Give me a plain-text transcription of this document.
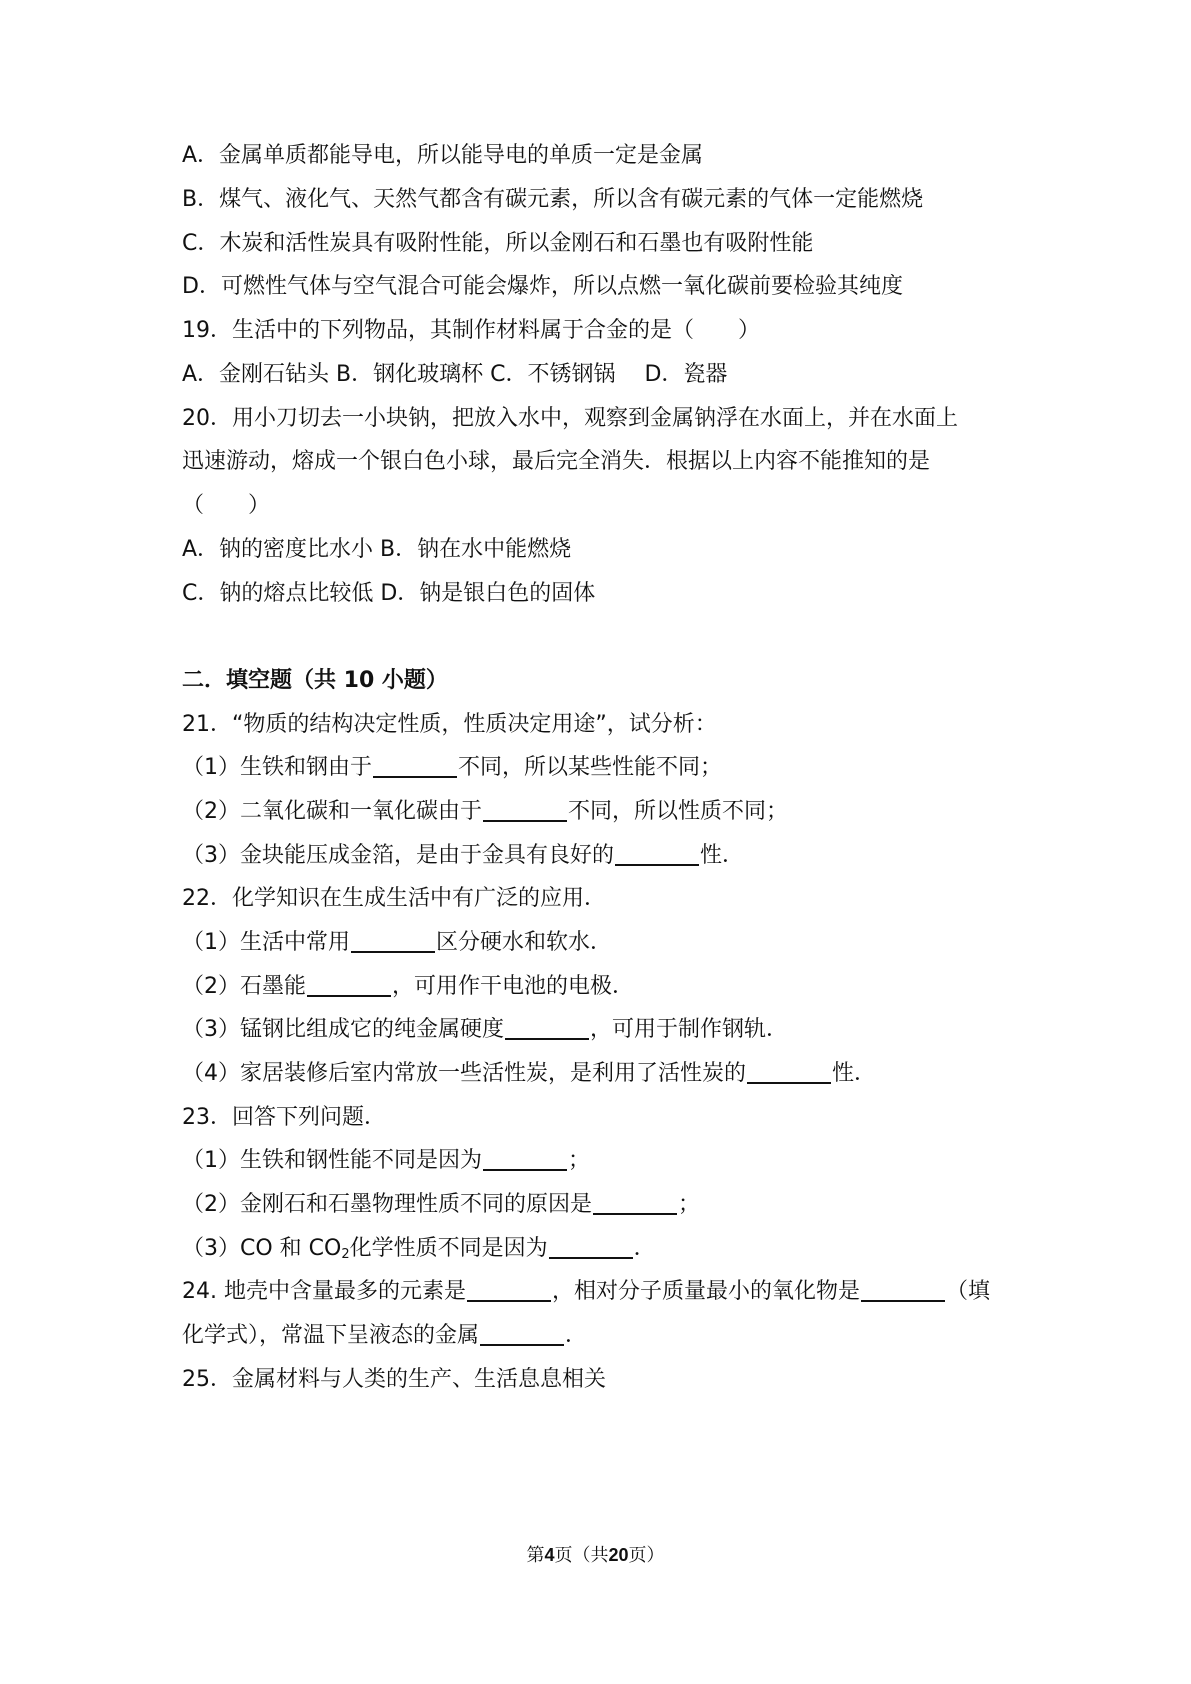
A．金属单质都能导电，所以能导电的单质一定是金属
B．煤气、液化气、天然气都含有碳元素，所以含有碳元素的气体一定能燃烧
C．木炭和活性炭具有吸附性能，所以金刚石和石墨也有吸附性能
D．可燃性气体与空气混合可能会爆炸，所以点燃一氧化碳前要检验其纯度
19．生活中的下列物品，其制作材料属于合金的是（　　）
A．金刚石钻头 B．钢化玻璃杯 C．不锈钢锅　 D．瓷器
20．用小刀切去一小块钠，把放入水中，观察到金属钠浮在水面上，并在水面上
迅速游动，熔成一个银白色小球，最后完全消失．根据以上内容不能推知的是
（　　）
A．钠的密度比水小 B．钠在水中能燃烧
C．钠的熔点比较低 D．钠是银白色的固体
二．填空题（共 10 小题）
21．“物质的结构决定性质，性质决定用途”，试分析：
（1）生铁和钢由于	不同，所以某些性能不同；
（2）二氧化碳和一氧化碳由于	不同，所以性质不同；
（3）金块能压成金箔，是由于金具有良好的	性．
22．化学知识在生成生活中有广泛的应用．
（1）生活中常用	区分硬水和软水．
（2）石墨能	，可用作干电池的电极．
（3）锰钢比组成它的纯金属硬度	，可用于制作钢轨．
（4）家居装修后室内常放一些活性炭，是利用了活性炭的	性．
23．回答下列问题．
（1）生铁和钢性能不同是因为	；
（2）金刚石和石墨物理性质不同的原因是	；
（3）CO 和 $CO_2$化学性质不同是因为	．
24. 地壳中含量最多的元素是	，相对分子质量最小的氧化物是	（填
化学式），常温下呈液态的金属	．
25．金属材料与人类的生产、生活息息相关
第4页（共20页）
